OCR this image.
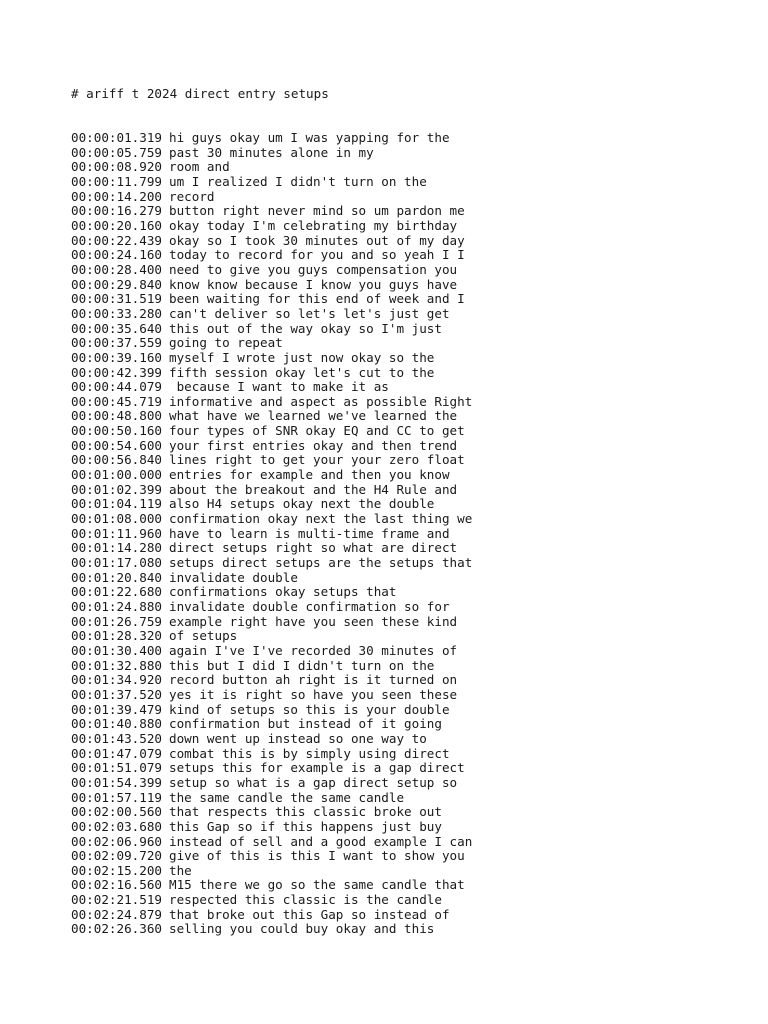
# ariff t 2024 direct entry setups

00:00:01.319 hi guys okay um I was yapping for the
00:00:05.759 past 30 minutes alone in my
00:00:08.920 room and
00:00:11.799 um I realized I didn't turn on the
00:00:14.200 record
00:00:16.279 button right never mind so um pardon me
00:00:20.160 okay today I'm celebrating my birthday
00:00:22.439 okay so I took 30 minutes out of my day
00:00:24.160 today to record for you and so yeah I I
00:00:28.400 need to give you guys compensation you
00:00:29.840 know know because I know you guys have
00:00:31.519 been waiting for this end of week and I
00:00:33.280 can't deliver so let's let's just get
00:00:35.640 this out of the way okay so I'm just
00:00:37.559 going to repeat
00:00:39.160 myself I wrote just now okay so the
00:00:42.399 fifth session okay let's cut to the
00:00:44.079 because I want to make it as
00:00:45.719 informative and aspect as possible Right
00:00:48.800 what have we learned we've learned the
00:00:50.160 four types of SNR okay EQ and CC to get
00:00:54.600 your first entries okay and then trend
00:00:56.840 lines right to get your your zero float
00:01:00.000 entries for example and then you know
00:01:02.399 about the breakout and the H4 Rule and
00:01:04.119 also H4 setups okay next the double
00:01:08.000 confirmation okay next the last thing we
00:01:11.960 have to learn is multi-time frame and
00:01:14.280 direct setups right so what are direct
00:01:17.080 setups direct setups are the setups that
00:01:20.840 invalidate double
00:01:22.680 confirmations okay setups that
00:01:24.880 invalidate double confirmation so for
00:01:26.759 example right have you seen these kind
00:01:28.320 of setups
00:01:30.400 again I've I've recorded 30 minutes of
00:01:32.880 this but I did I didn't turn on the
00:01:34.920 record button ah right is it turned on
00:01:37.520 yes it is right so have you seen these
00:01:39.479 kind of setups so this is your double
00:01:40.880 confirmation but instead of it going
00:01:43.520 down went up instead so one way to
00:01:47.079 combat this is by simply using direct
00:01:51.079 setups this for example is a gap direct
00:01:54.399 setup so what is a gap direct setup so
00:01:57.119 the same candle the same candle
00:02:00.560 that respects this classic broke out
00:02:03.680 this Gap so if this happens just buy
00:02:06.960 instead of sell and a good example I can
00:02:09.720 give of this is this I want to show you
00:02:15.200 the
00:02:16.560 M15 there we go so the same candle that
00:02:21.519 respected this classic is the candle
00:02:24.879 that broke out this Gap so instead of
00:02:26.360 selling you could buy okay and this
